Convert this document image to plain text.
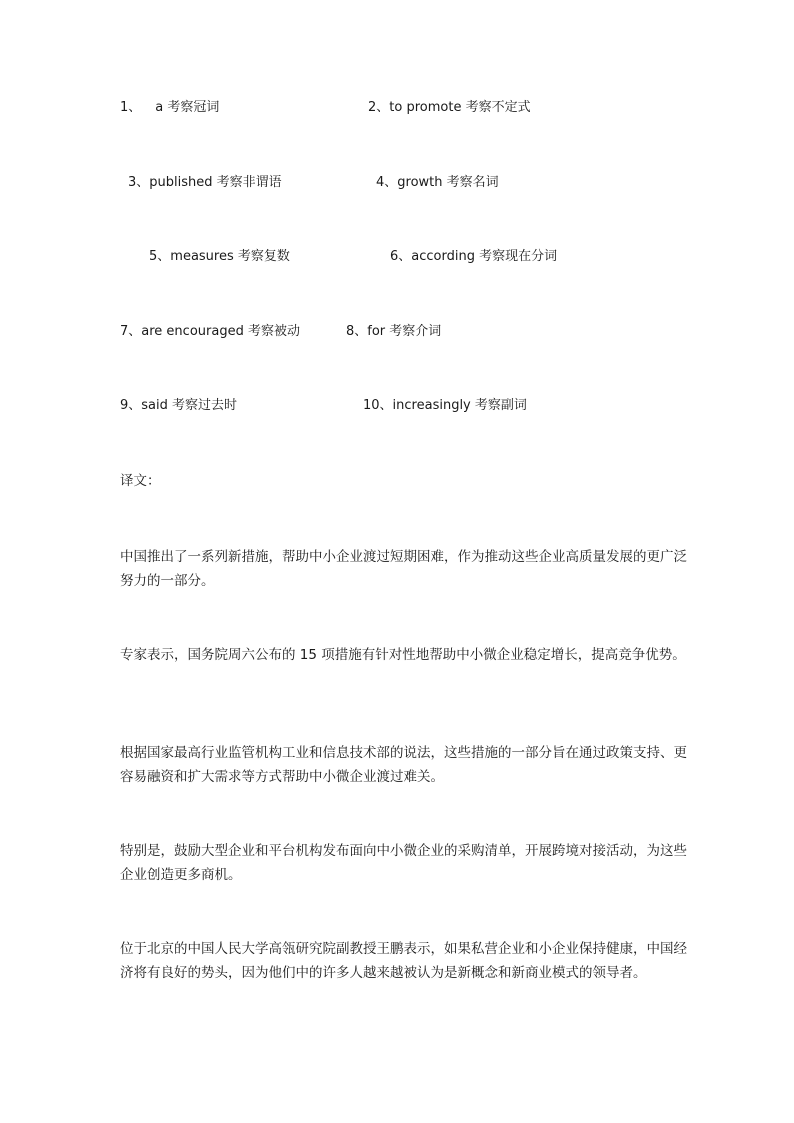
1、 a 考察冠词	2、to promote 考察不定式
3、published 考察非谓语	4、growth 考察名词
5、measures 考察复数	6、according 考察现在分词
7、are encouraged 考察被动	8、for 考察介词
9、said 考察过去时	10、increasingly 考察副词
译文：

中国推出了一系列新措施，帮助中小企业渡过短期困难，作为推动这些企业高质量发展的更广泛努力的一部分。

专家表示，国务院周六公布的 15 项措施有针对性地帮助中小微企业稳定增长，提高竞争优势。

根据国家最高行业监管机构工业和信息技术部的说法，这些措施的一部分旨在通过政策支持、更容易融资和扩大需求等方式帮助中小微企业渡过难关。

特别是，鼓励大型企业和平台机构发布面向中小微企业的采购清单，开展跨境对接活动，为这些企业创造更多商机。

位于北京的中国人民大学高瓴研究院副教授王鹏表示，如果私营企业和小企业保持健康，中国经济将有良好的势头，因为他们中的许多人越来越被认为是新概念和新商业模式的领导者。
